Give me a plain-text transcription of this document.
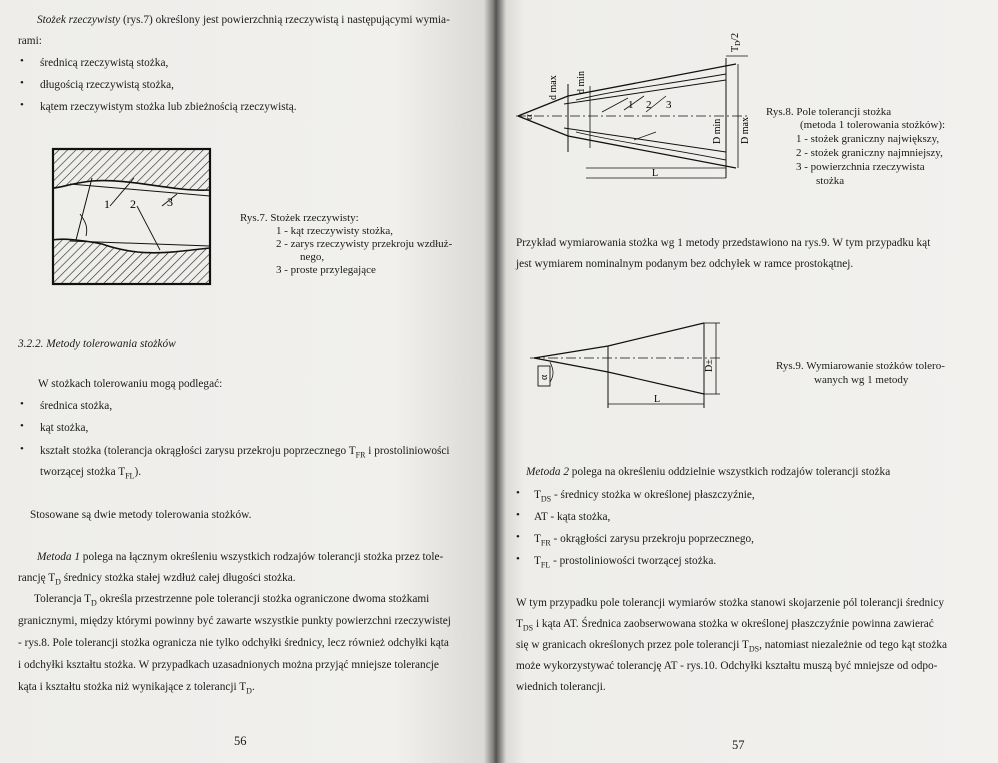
Stożek rzeczywisty (rys.7) określony jest powierzchnią rzeczywistą i następującymi wymia-
rami:
• średnicą rzeczywistą stożka,
• długością rzeczywistą stożka,
• kątem rzeczywistym stożka lub zbieżnością rzeczywistą.
1 2	3
Rys.7. Stożek rzeczywisty:
1 - kąt rzeczywisty stożka,
2 - zarys rzeczywisty przekroju wzdłuż-
nego,
3 - proste przylegające
3.2.2. Metody tolerowania stożków
W stożkach tolerowaniu mogą podlegać:
• średnica stożka,
• kąt stożka,
• kształt stożka (tolerancja okrągłości zarysu przekroju poprzecznego $T_{FR}$ i prostoliniowości
tworzącej stożka $T_{FL}$).
Stosowane są dwie metody tolerowania stożków.
Metoda 1 polega na łącznym określeniu wszystkich rodzajów tolerancji stożka przez tole-
rancję $T_D$ średnicy stożka stałej wzdłuż całej długości stożka.
Tolerancja $T_D$ określa przestrzenne pole tolerancji stożka ograniczone dwoma stożkami
granicznymi, między którymi powinny być zawarte wszystkie punkty powierzchni rzeczywistej
- rys.8. Pole tolerancji stożka ogranicza nie tylko odchyłki średnicy, lecz również odchyłki kąta
i odchyłki kształtu stożka. W przypadkach uzasadnionych można przyjąć mniejsze tolerancje
kąta i kształtu stożka niż wynikające z tolerancji $T_D$.
56
α
d max d min
D min D max
$T_D/2$
L
1 2 3
Rys.8. Pole tolerancji stożka
(metoda 1 tolerowania stożków):
1 - stożek graniczny największy,
2 - stożek graniczny najmniejszy,
3 - powierzchnia rzeczywista
stożka
Przykład wymiarowania stożka wg 1 metody przedstawiono na rys.9. W tym przypadku kąt
jest wymiarem nominalnym podanym bez odchyłek w ramce prostokątnej.
α
D±
L
Rys.9. Wymiarowanie stożków tolero-
wanych wg 1 metody
Metoda 2 polega na określeniu oddzielnie wszystkich rodzajów tolerancji stożka
• $T_{DS}$ - średnicy stożka w określonej płaszczyźnie,
• AT - kąta stożka,
• $T_{FR}$ - okrągłości zarysu przekroju poprzecznego,
• $T_{FL}$ - prostoliniowości tworzącej stożka.
W tym przypadku pole tolerancji wymiarów stożka stanowi skojarzenie pól tolerancji średnicy
$T_{DS}$ i kąta AT. Średnica zaobserwowana stożka w określonej płaszczyźnie powinna zawierać
się w granicach określonych przez pole tolerancji $T_{DS}$, natomiast niezależnie od tego kąt stożka
może wykorzystywać tolerancję AT - rys.10. Odchyłki kształtu muszą być mniejsze od odpo-
wiednich tolerancji.
57
